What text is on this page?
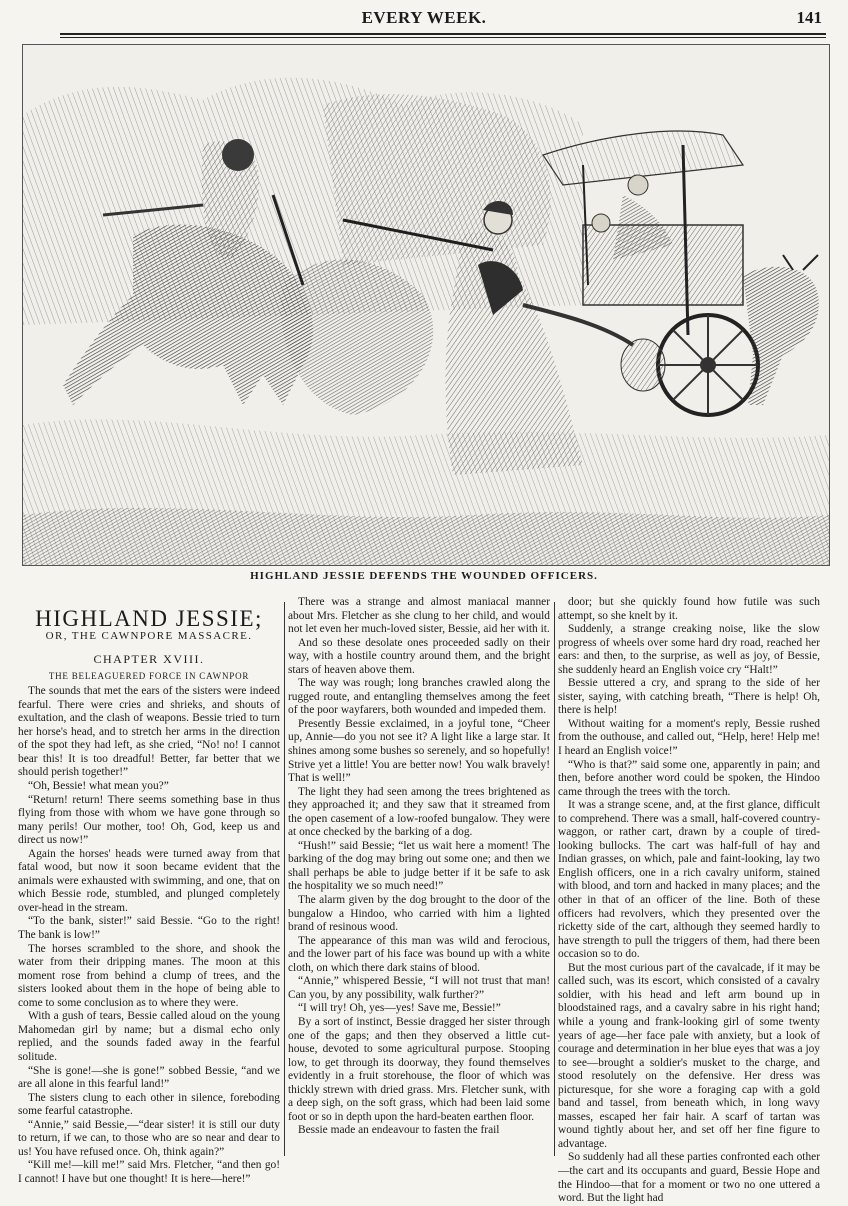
EVERY WEEK.	141
HIGHLAND JESSIE DEFENDS THE WOUNDED OFFICERS.
HIGHLAND JESSIE;
OR, THE CAWNPORE MASSACRE.
CHAPTER XVIII.
THE BELEAGUERED FORCE IN CAWNPOR

The sounds that met the ears of the sisters were indeed fearful. There were cries and shrieks, and shouts of exultation, and the clash of weapons. Bessie tried to turn her horse's head, and to stretch her arms in the direction of the spot they had left, as she cried, “No! no! I cannot bear this! It is too dreadful! Better, far better that we should perish together!”

“Oh, Bessie! what mean you?”

“Return! return! There seems something base in thus flying from those with whom we have gone through so many perils! Our mother, too! Oh, God, keep us and direct us now!”

Again the horses' heads were turned away from that fatal wood, but now it soon became evident that the animals were exhausted with swimming, and one, that on which Bessie rode, stumbled, and plunged completely over-head in the stream.

“To the bank, sister!” said Bessie. “Go to the right! The bank is low!”

The horses scrambled to the shore, and shook the water from their dripping manes. The moon at this moment rose from behind a clump of trees, and the sisters looked about them in the hope of being able to come to some conclusion as to where they were.

With a gush of tears, Bessie called aloud on the young Mahomedan girl by name; but a dismal echo only replied, and the sounds faded away in the fearful solitude.

“She is gone!—she is gone!” sobbed Bessie, “and we are all alone in this fearful land!”

The sisters clung to each other in silence, foreboding some fearful catastrophe.

“Annie,” said Bessie,—“dear sister! it is still our duty to return, if we can, to those who are so near and dear to us! You have refused once. Oh, think again?”

“Kill me!—kill me!” said Mrs. Fletcher, “and then go! I cannot! I have but one thought! It is here—here!”

There was a strange and almost maniacal manner about Mrs. Fletcher as she clung to her child, and would not let even her much-loved sister, Bessie, aid her with it.

And so these desolate ones proceeded sadly on their way, with a hostile country around them, and the bright stars of heaven above them.

The way was rough; long branches crawled along the rugged route, and entangling themselves among the feet of the poor wayfarers, both wounded and impeded them.

Presently Bessie exclaimed, in a joyful tone, “Cheer up, Annie—do you not see it? A light like a large star. It shines among some bushes so serenely, and so hopefully! Strive yet a little! You are better now! You walk bravely! That is well!”

The light they had seen among the trees brightened as they approached it; and they saw that it streamed from the open casement of a low-roofed bungalow. They were at once checked by the barking of a dog.

“Hush!” said Bessie; “let us wait here a moment! The barking of the dog may bring out some one; and then we shall perhaps be able to judge better if it be safe to ask the hospitality we so much need!”

The alarm given by the dog brought to the door of the bungalow a Hindoo, who carried with him a lighted brand of resinous wood.

The appearance of this man was wild and ferocious, and the lower part of his face was bound up with a white cloth, on which there dark stains of blood.

“Annie,” whispered Bessie, “I will not trust that man! Can you, by any possibility, walk further?”

“I will try! Oh, yes—yes! Save me, Bessie!”

By a sort of instinct, Bessie dragged her sister through one of the gaps; and then they observed a little cut-house, devoted to some agricultural purpose. Stooping low, to get through its doorway, they found themselves evidently in a fruit storehouse, the floor of which was thickly strewn with dried grass. Mrs. Fletcher sunk, with a deep sigh, on the soft grass, which had been laid some foot or so in depth upon the hard-beaten earthen floor.

Bessie made an endeavour to fasten the frail

door; but she quickly found how futile was such attempt, so she knelt by it.

Suddenly, a strange creaking noise, like the slow progress of wheels over some hard dry road, reached her ears: and then, to the surprise, as well as joy, of Bessie, she suddenly heard an English voice cry “Halt!”

Bessie uttered a cry, and sprang to the side of her sister, saying, with catching breath, “There is help! Oh, there is help!

Without waiting for a moment's reply, Bessie rushed from the outhouse, and called out, “Help, here! Help me! I heard an English voice!”

“Who is that?” said some one, apparently in pain; and then, before another word could be spoken, the Hindoo came through the trees with the torch.

It was a strange scene, and, at the first glance, difficult to comprehend. There was a small, half-covered country-waggon, or rather cart, drawn by a couple of tired-looking bullocks. The cart was half-full of hay and Indian grasses, on which, pale and faint-looking, lay two English officers, one in a rich cavalry uniform, stained with blood, and torn and hacked in many places; and the other in that of an officer of the line. Both of these officers had revolvers, which they presented over the ricketty side of the cart, although they seemed hardly to have strength to pull the triggers of them, had there been occasion so to do.

But the most curious part of the cavalcade, if it may be called such, was its escort, which consisted of a cavalry soldier, with his head and left arm bound up in bloodstained rags, and a cavalry sabre in his right hand; while a young and frank-looking girl of some twenty years of age—her face pale with anxiety, but a look of courage and determination in her blue eyes that was a joy to see—brought a soldier's musket to the charge, and stood resolutely on the defensive. Her dress was picturesque, for she wore a foraging cap with a gold band and tassel, from beneath which, in long wavy masses, escaped her fair hair. A scarf of tartan was wound tightly about her, and set off her fine figure to advantage.

So suddenly had all these parties confronted each other—the cart and its occupants and guard, Bessie Hope and the Hindoo—that for a moment or two no one uttered a word. But the light had
